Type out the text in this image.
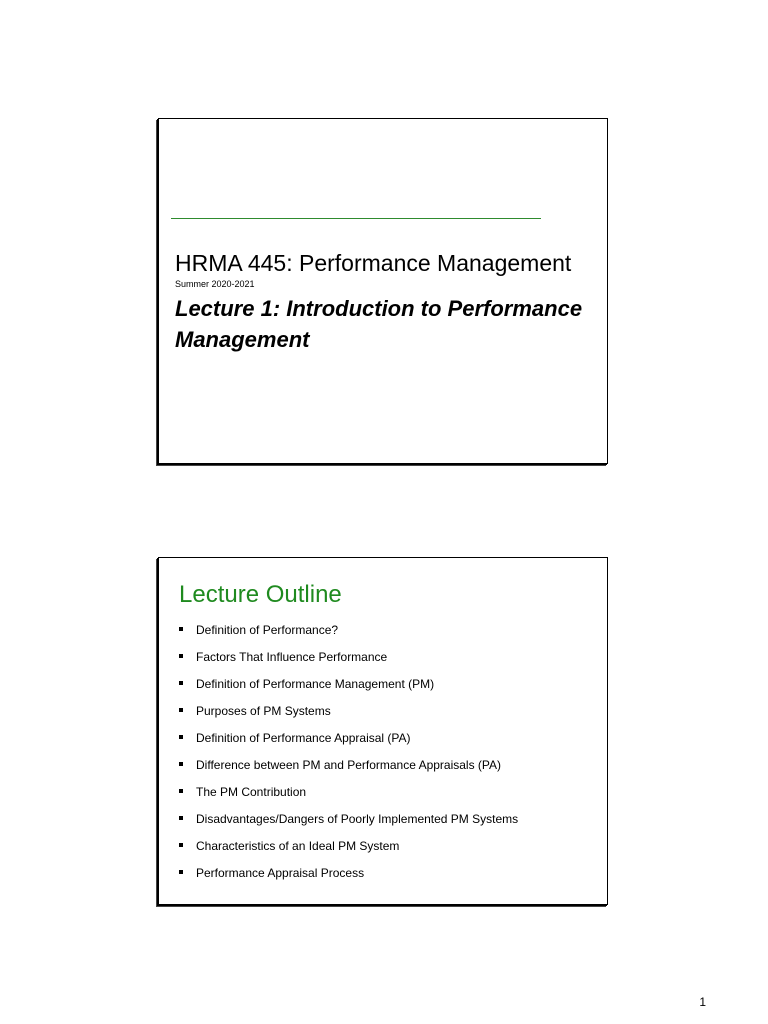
HRMA 445: Performance Management
Summer 2020-2021
Lecture 1: Introduction to Performance Management
Lecture Outline
Definition of Performance?
Factors That Influence Performance
Definition of Performance Management (PM)
Purposes of PM Systems
Definition of Performance Appraisal (PA)
Difference between PM and Performance Appraisals (PA)
The PM Contribution
Disadvantages/Dangers of Poorly Implemented PM Systems
Characteristics of an Ideal PM System
Performance Appraisal Process
1
